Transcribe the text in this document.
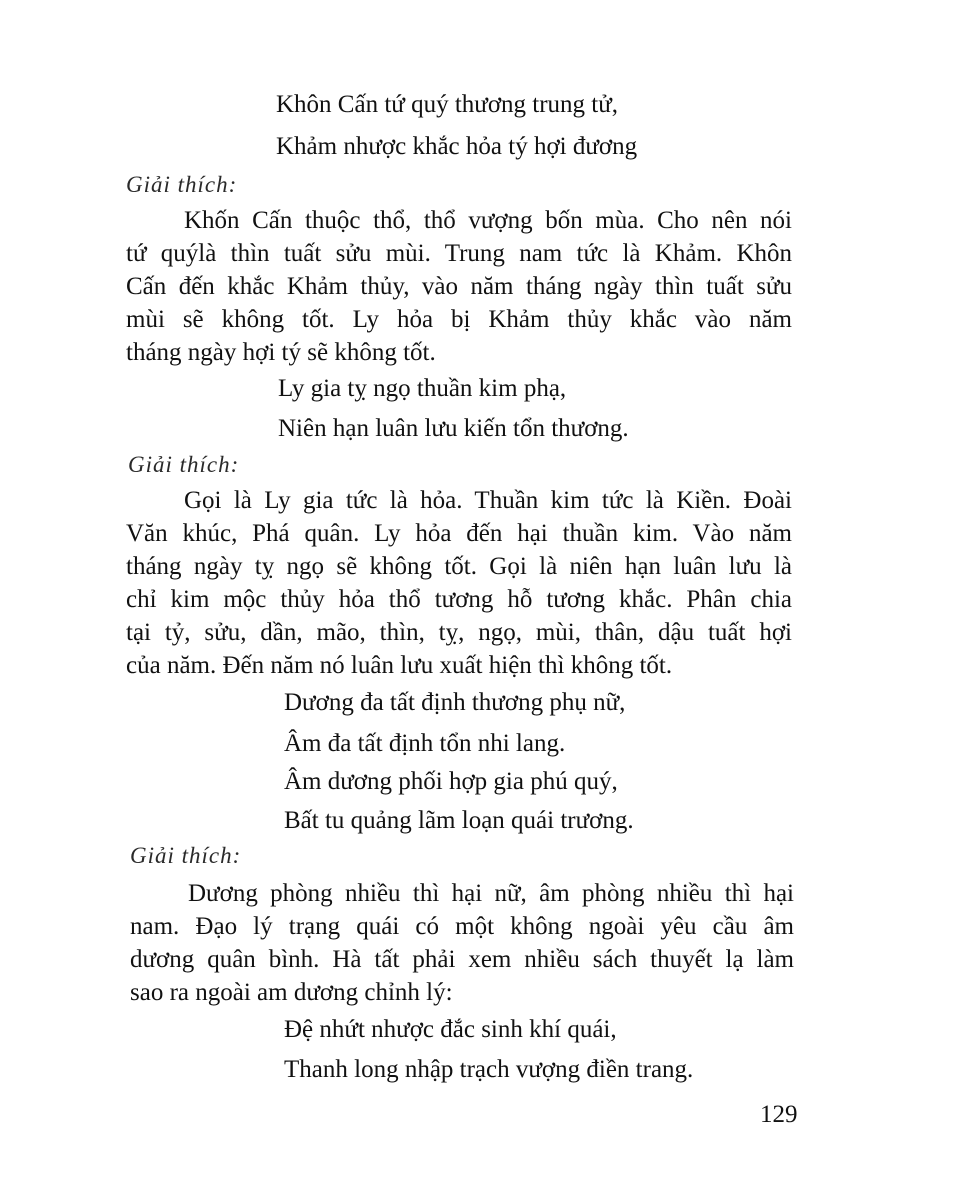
Khôn Cấn tứ quý thương trung tử,
Khảm nhược khắc hỏa tý hợi đương
Giải thích:
Khốn Cấn thuộc thổ, thổ vượng bốn mùa. Cho nên nói
tứ quýlà thìn tuất sửu mùi. Trung nam tức là Khảm. Khôn
Cấn đến khắc Khảm thủy, vào năm tháng ngày thìn tuất sửu
mùi sẽ không tốt. Ly hỏa bị Khảm thủy khắc vào năm
tháng ngày hợi tý sẽ không tốt.
Ly gia tỵ ngọ thuần kim phạ,
Niên hạn luân lưu kiến tổn thương.
Giải thích:
Gọi là Ly gia tức là hỏa. Thuần kim tức là Kiền. Đoài
Văn khúc, Phá quân. Ly hỏa đến hại thuần kim. Vào năm
tháng ngày tỵ ngọ sẽ không tốt. Gọi là niên hạn luân lưu là
chỉ kim mộc thủy hỏa thổ tương hỗ tương khắc. Phân chia
tại tỷ, sửu, dần, mão, thìn, tỵ, ngọ, mùi, thân, dậu tuất hợi
của năm. Đến năm nó luân lưu xuất hiện thì không tốt.
Dương đa tất định thương phụ nữ,
Âm đa tất định tổn nhi lang.
Âm dương phối hợp gia phú quý,
Bất tu quảng lãm loạn quái trương.
Giải thích:
Dương phòng nhiều thì hại nữ, âm phòng nhiều thì hại
nam. Đạo lý trạng quái có một không ngoài yêu cầu âm
dương quân bình. Hà tất phải xem nhiều sách thuyết lạ làm
sao ra ngoài am dương chỉnh lý:
Đệ nhứt nhược đắc sinh khí quái,
Thanh long nhập trạch vượng điền trang.
129
